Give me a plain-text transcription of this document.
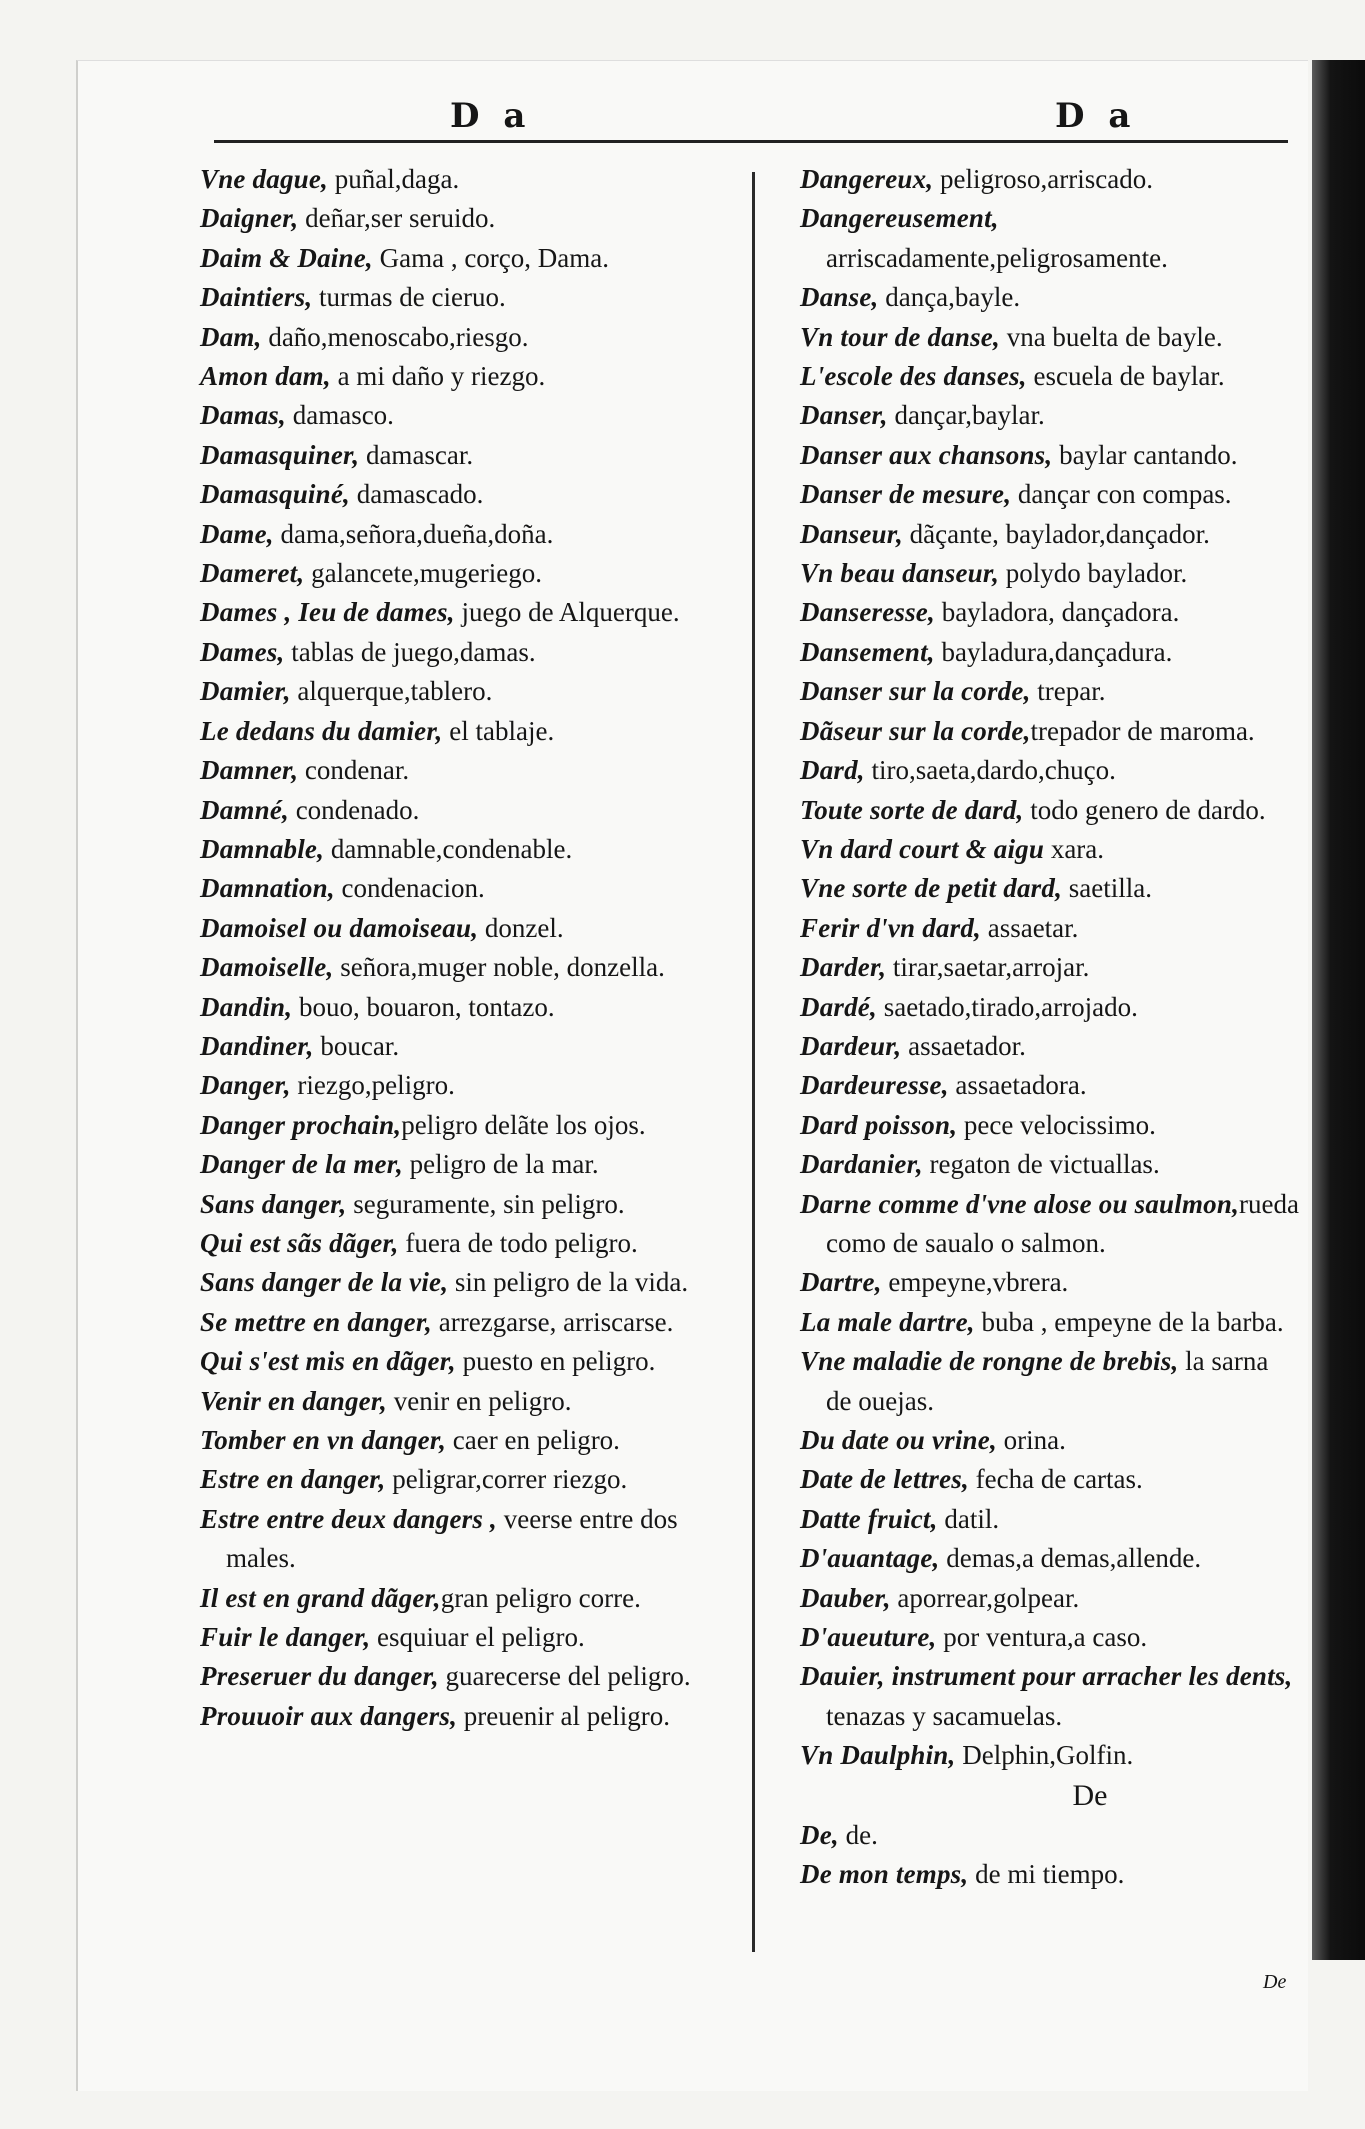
D a	D a
Vne dague, puñal,daga.
Daigner, deñar,ser seruido.
Daim & Daine, Gama , corço, Dama.
Daintiers, turmas de cieruo.
Dam, daño,menoscabo,riesgo.
Amon dam, a mi daño y riezgo.
Damas, damasco.
Damasquiner, damascar.
Damasquiné, damascado.
Dame, dama,señora,dueña,doña.
Dameret, galancete,mugeriego.
Dames , Ieu de dames, juego de Alquerque.
Dames, tablas de juego,damas.
Damier, alquerque,tablero.
Le dedans du damier, el tablaje.
Damner, condenar.
Damné, condenado.
Damnable, damnable,condenable.
Damnation, condenacion.
Damoisel ou damoiseau, donzel.
Damoiselle, señora,muger noble, donzella.
Dandin, bouo, bouaron, tontazo.
Dandiner, boucar.
Danger, riezgo,peligro.
Danger prochain,peligro delãte los ojos.
Danger de la mer, peligro de la mar.
Sans danger, seguramente, sin peligro.
Qui est sãs dãger, fuera de todo peligro.
Sans danger de la vie, sin peligro de la vida.
Se mettre en danger, arrezgarse, arriscarse.
Qui s'est mis en dãger, puesto en peligro.
Venir en danger, venir en peligro.
Tomber en vn danger, caer en peligro.
Estre en danger, peligrar,correr riezgo.
Estre entre deux dangers , veerse entre dos males.
Il est en grand dãger,gran peligro corre.
Fuir le danger, esquiuar el peligro.
Preseruer du danger, guarecerse del peligro.
Prouuoir aux dangers, preuenir al peligro.
Dangereux, peligroso,arriscado.
Dangereusement, arriscadamente,peligrosamente.
Danse, dança,bayle.
Vn tour de danse, vna buelta de bayle.
L'escole des danses, escuela de baylar.
Danser, dançar,baylar.
Danser aux chansons, baylar cantando.
Danser de mesure, dançar con compas.
Danseur, dãçante, baylador,dançador.
Vn beau danseur, polydo baylador.
Danseresse, bayladora, dançadora.
Dansement, bayladura,dançadura.
Danser sur la corde, trepar.
Dãseur sur la corde,trepador de maroma.
Dard, tiro,saeta,dardo,chuço.
Toute sorte de dard, todo genero de dardo.
Vn dard court & aigu xara.
Vne sorte de petit dard, saetilla.
Ferir d'vn dard, assaetar.
Darder, tirar,saetar,arrojar.
Dardé, saetado,tirado,arrojado.
Dardeur, assaetador.
Dardeuresse, assaetadora.
Dard poisson, pece velocissimo.
Dardanier, regaton de victuallas.
Darne comme d'vne alose ou saulmon,rueda como de saualo o salmon.
Dartre, empeyne,vbrera.
La male dartre, buba , empeyne de la barba.
Vne maladie de rongne de brebis, la sarna de ouejas.
Du date ou vrine, orina.
Date de lettres, fecha de cartas.
Datte fruict, datil.
D'auantage, demas,a demas,allende.
Dauber, aporrear,golpear.
D'aueuture, por ventura,a caso.
Dauier, instrument pour arracher les dents, tenazas y sacamuelas.
Vn Daulphin, Delphin,Golfin.
De
De, de.
De mon temps, de mi tiempo.
De
